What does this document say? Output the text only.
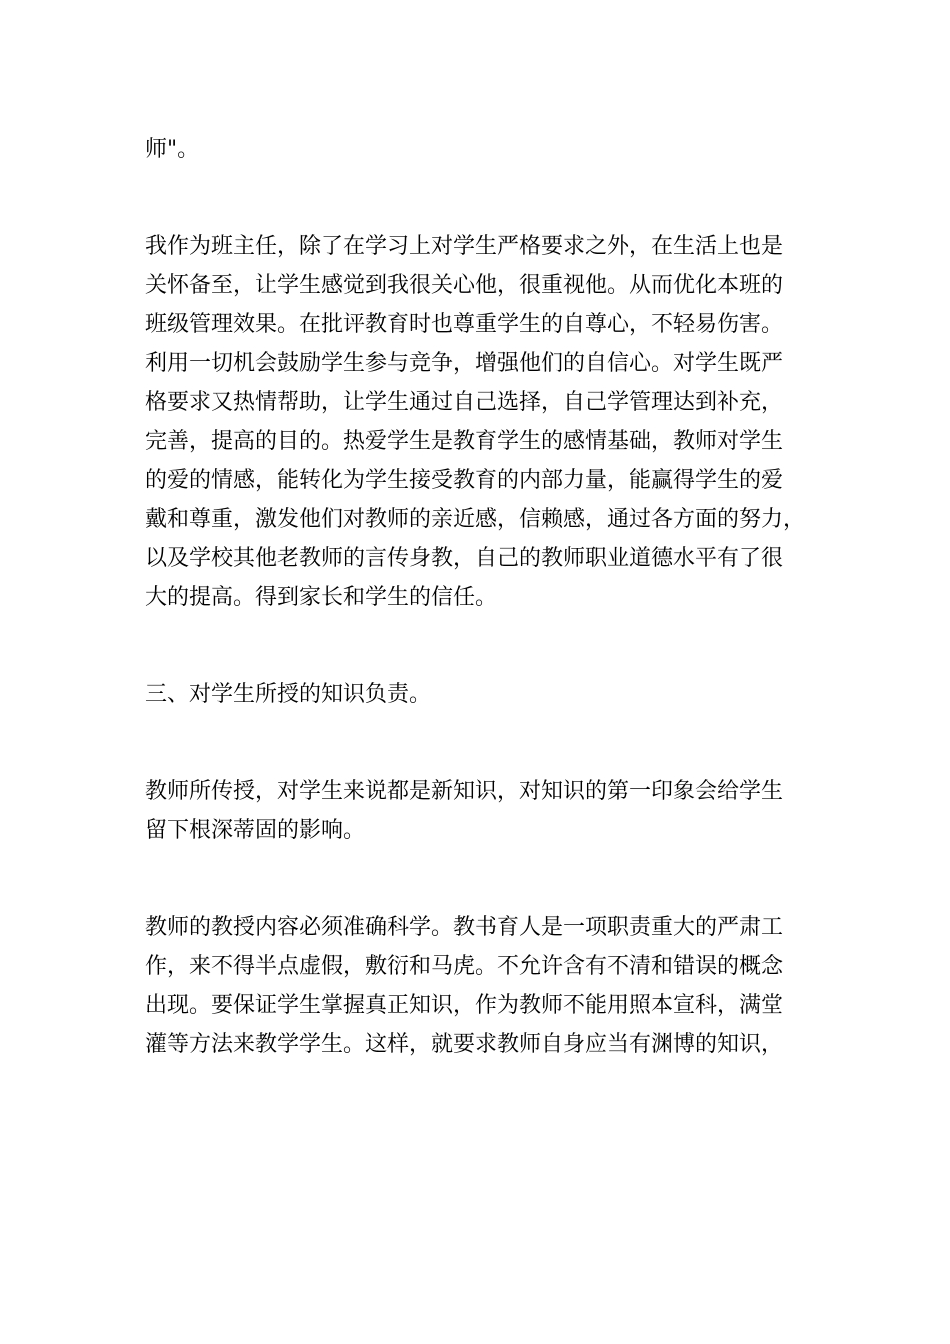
师"。

我作为班主任，除了在学习上对学生严格要求之外，在生活上也是
关怀备至，让学生感觉到我很关心他，很重视他。从而优化本班的
班级管理效果。在批评教育时也尊重学生的自尊心，不轻易伤害。
利用一切机会鼓励学生参与竞争，增强他们的自信心。对学生既严
格要求又热情帮助，让学生通过自己选择，自己学管理达到补充，
完善，提高的目的。热爱学生是教育学生的感情基础，教师对学生
的爱的情感，能转化为学生接受教育的内部力量，能赢得学生的爱
戴和尊重，激发他们对教师的亲近感，信赖感，通过各方面的努力，
以及学校其他老教师的言传身教，自己的教师职业道德水平有了很
大的提高。得到家长和学生的信任。

三、对学生所授的知识负责。

教师所传授，对学生来说都是新知识，对知识的第一印象会给学生
留下根深蒂固的影响。

教师的教授内容必须准确科学。教书育人是一项职责重大的严肃工
作，来不得半点虚假，敷衍和马虎。不允许含有不清和错误的概念
出现。要保证学生掌握真正知识，作为教师不能用照本宣科，满堂
灌等方法来教学学生。这样，就要求教师自身应当有渊博的知识，
